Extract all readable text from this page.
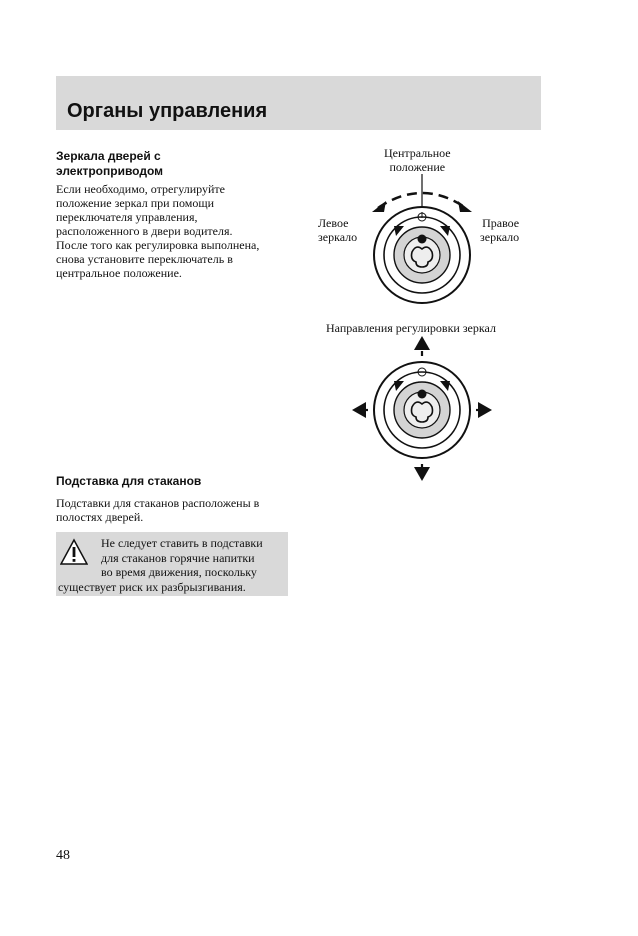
Органы управления
Зеркала дверей с
электроприводом
Если необходимо, отрегулируйте
положение зеркал при помощи
переключателя управления,
расположенного в двери водителя.
После того как регулировка выполнена,
снова установите переключатель в
центральное положение.
Центральное
положение
Левое
зеркало
Правое
зеркало
Направления регулировки зеркал
Подставка для стаканов
Подставки для стаканов расположены в
полостях дверей.
Не следует ставить в подставки
для стаканов горячие напитки
во время движения, поскольку
существует риск их разбрызгивания.
48
